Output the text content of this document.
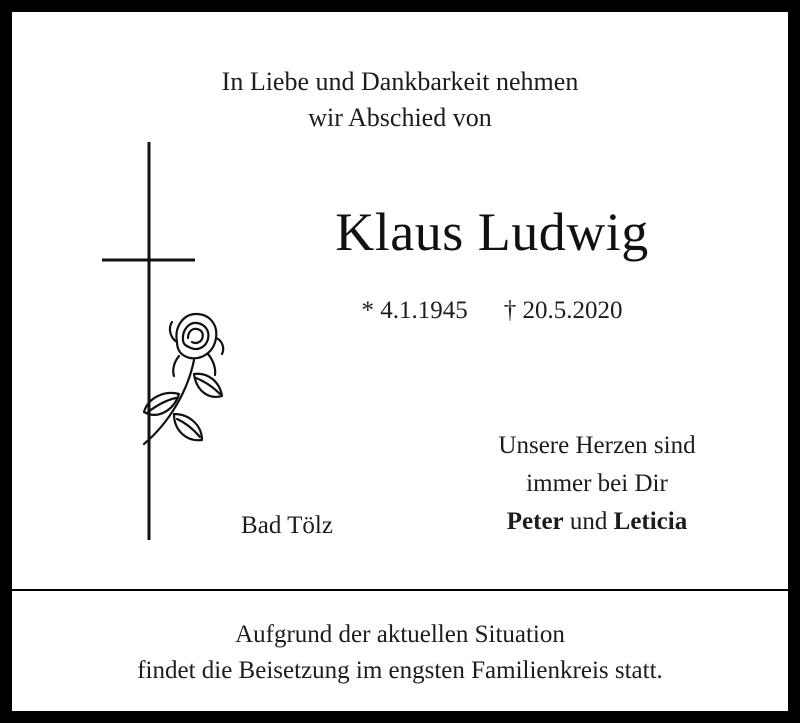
In Liebe und Dankbarkeit nehmen
wir Abschied von
Klaus Ludwig
* 4.1.1945 † 20.5.2020
Unsere Herzen sind
immer bei Dir
Peter und Leticia
Bad Tölz
Aufgrund der aktuellen Situation
findet die Beisetzung im engsten Familienkreis statt.
